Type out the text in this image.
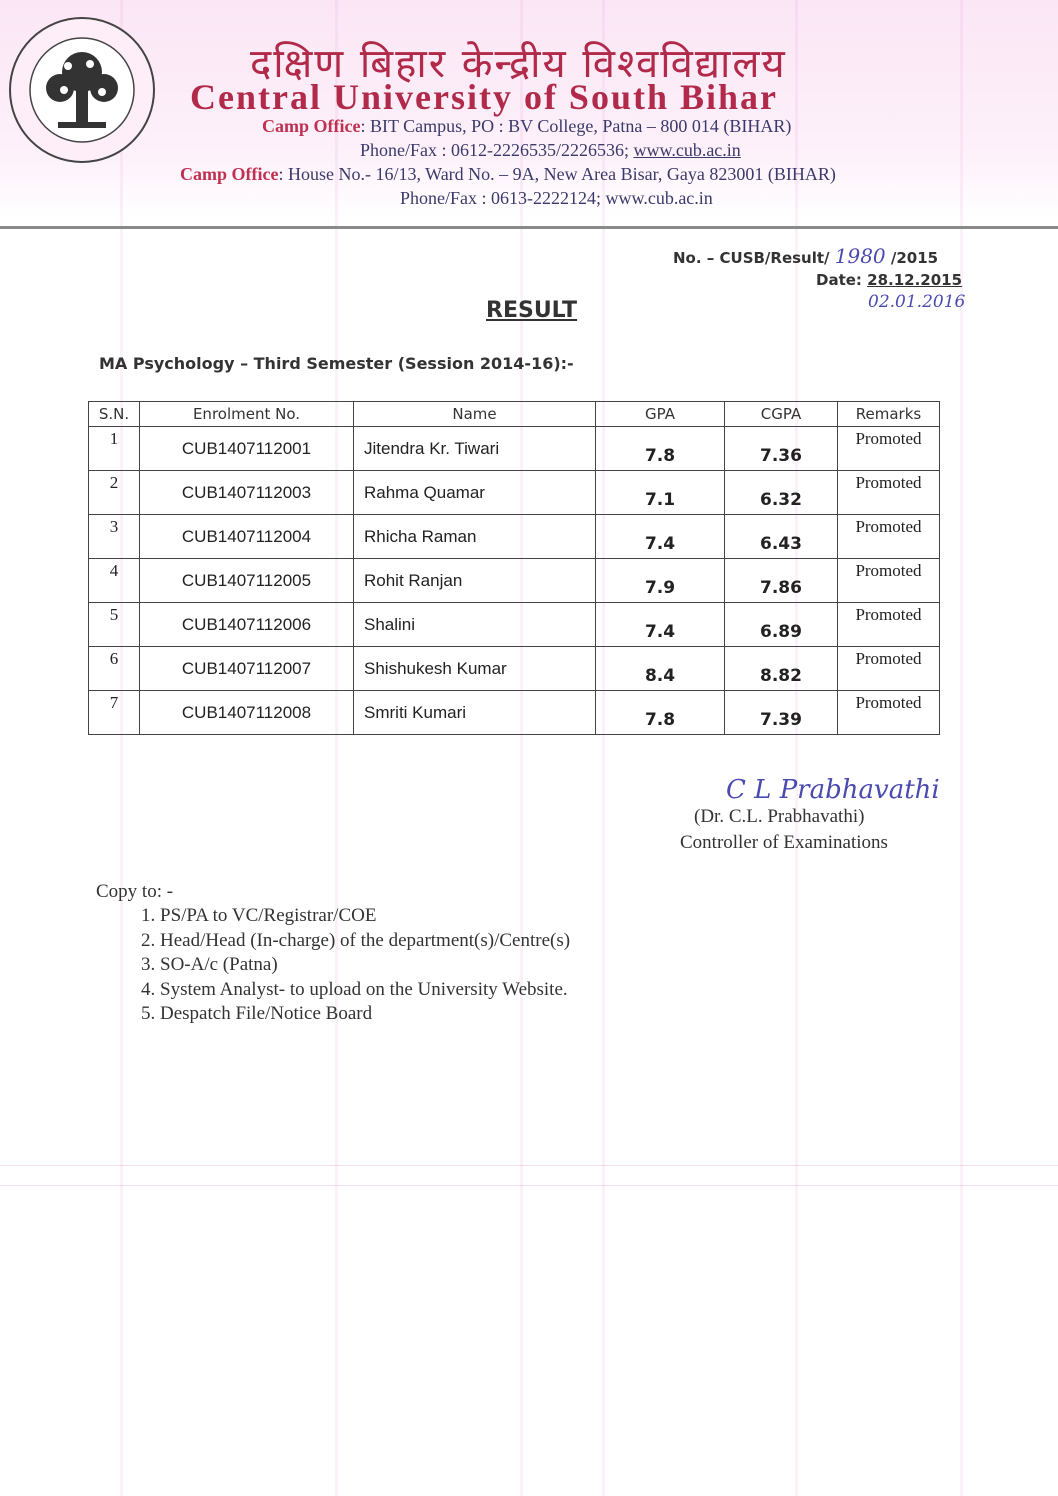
दक्षिण बिहार केन्द्रीय विश्वविद्यालय
Central University of South Bihar
Camp Office: BIT Campus, PO : BV College, Patna – 800 014 (BIHAR)
Phone/Fax : 0612-2226535/2226536; www.cub.ac.in
Camp Office: House No.- 16/13, Ward No. – 9A, New Area Bisar, Gaya 823001 (BIHAR)
Phone/Fax : 0613-2222124; www.cub.ac.in
No. – CUSB/Result/ 1980 /2015
Date: 28.12.2015
02.01.2016
RESULT
MA Psychology – Third Semester (Session 2014-16):-
S.N.	Enrolment No.	Name	GPA	CGPA	Remarks
1	CUB1407112001	Jitendra Kr. Tiwari	7.8	7.36	Promoted
2	CUB1407112003	Rahma Quamar	7.1	6.32	Promoted
3	CUB1407112004	Rhicha Raman	7.4	6.43	Promoted
4	CUB1407112005	Rohit Ranjan	7.9	7.86	Promoted
5	CUB1407112006	Shalini	7.4	6.89	Promoted
6	CUB1407112007	Shishukesh Kumar	8.4	8.82	Promoted
7	CUB1407112008	Smriti Kumari	7.8	7.39	Promoted
C L Prabhavathi
(Dr. C.L. Prabhavathi)
Controller of Examinations
Copy to: -
1. PS/PA to VC/Registrar/COE
2. Head/Head (In-charge) of the department(s)/Centre(s)
3. SO-A/c (Patna)
4. System Analyst- to upload on the University Website.
5. Despatch File/Notice Board
